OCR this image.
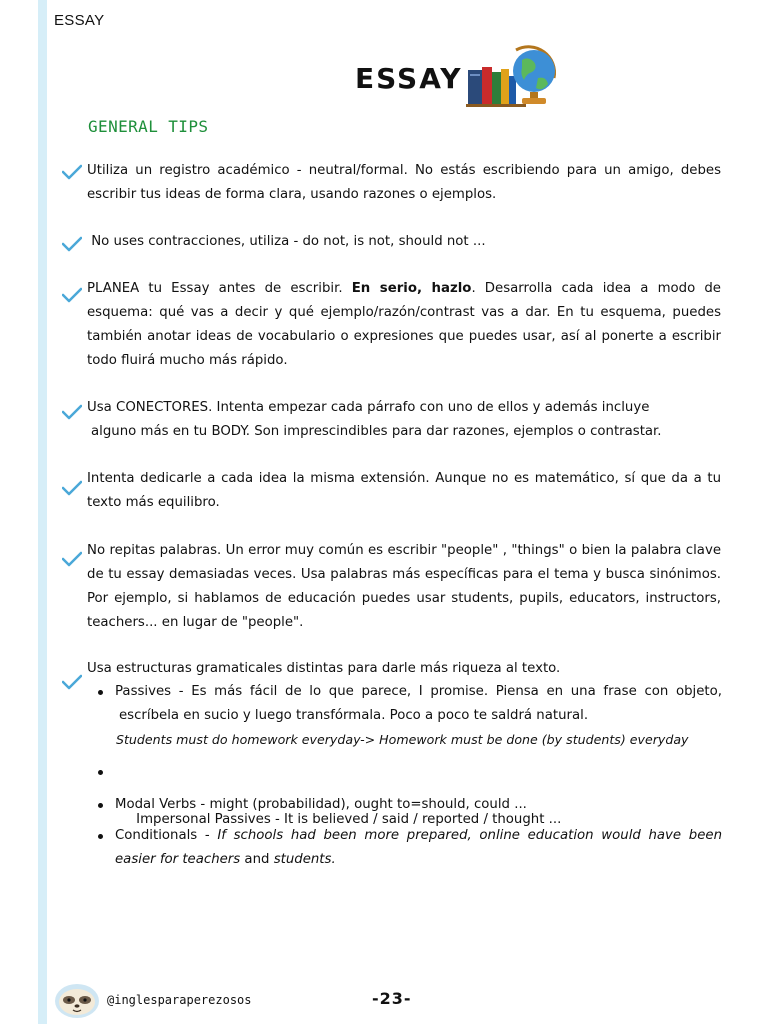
ESSAY
ESSAY
GENERAL TIPS
Utiliza un registro académico - neutral/formal. No estás escribiendo para un amigo, debes escribir tus ideas de forma clara, usando razones o ejemplos.
No uses contracciones, utiliza - do not, is not, should not ...
PLANEA tu Essay antes de escribir. En serio, hazlo. Desarrolla cada idea a modo de esquema: qué vas a decir y qué ejemplo/razón/contrast vas a dar. En tu esquema, puedes también anotar ideas de vocabulario o expresiones que puedes usar, así al ponerte a escribir todo fluirá mucho más rápido.
Usa CONECTORES. Intenta empezar cada párrafo con uno de ellos y además incluye
alguno más en tu BODY. Son imprescindibles para dar razones, ejemplos o contrastar.
Intenta dedicarle a cada idea la misma extensión. Aunque no es matemático, sí que da a tu texto más equilibro.
No repitas palabras. Un error muy común es escribir "people" , "things" o bien la palabra clave de tu essay demasiadas veces. Usa palabras más específicas para el tema y busca sinónimos. Por ejemplo, si hablamos de educación puedes usar students, pupils, educators, instructors, teachers... en lugar de "people".
Usa estructuras gramaticales distintas para darle más riqueza al texto.
Passives - Es más fácil de lo que parece, I promise. Piensa en una frase con objeto,
escríbela en sucio y luego transfórmala. Poco a poco te saldrá natural.
Students must do homework everyday-> Homework must be done (by students) everyday

Impersonal Passives - It is believed / said / reported / thought ...

Modal Verbs - might (probabilidad), ought to=should, could ...
Conditionals - If schools had been more prepared, online education would have been easier for teachers and students.
@inglesparaperezosos	-23-
